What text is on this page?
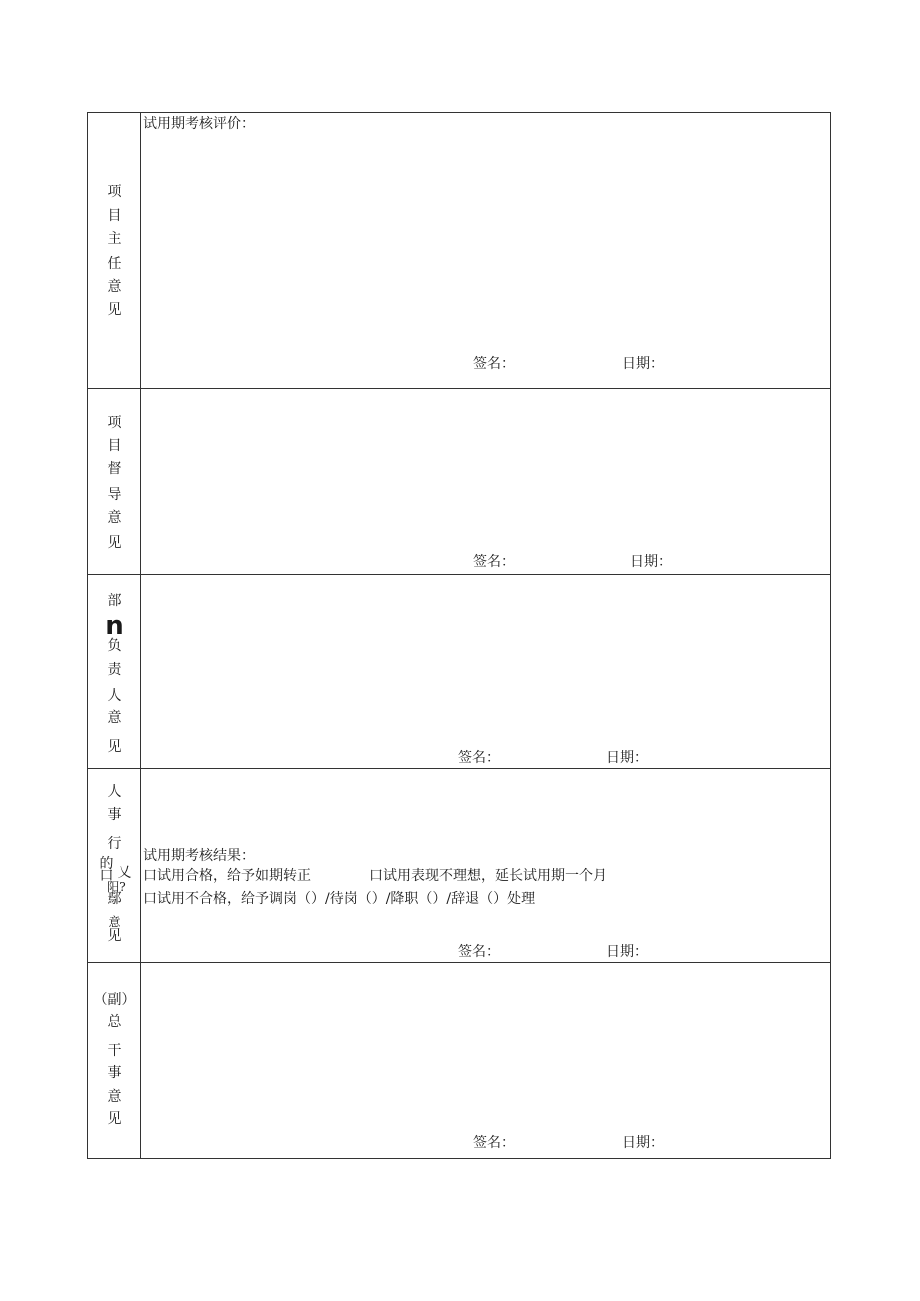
项
目
主
任
意
见
试用期考核评价：
签名：	日期：
项
目
督
导
意
见
签名：	日期：
部
n
负
责
人
意
见
签名：	日期：
人
事
行
的
口 乂
阳?
鄢
意
见
试用期考核结果：
口试用合格，给予如期转正	口试用表现不理想，延长试用期一个月
口试用不合格，给予调岗（）/待岗（）/降职（）/辞退（）处理
签名：	日期：
（副）
总
干
事
意
见
签名：	日期：
